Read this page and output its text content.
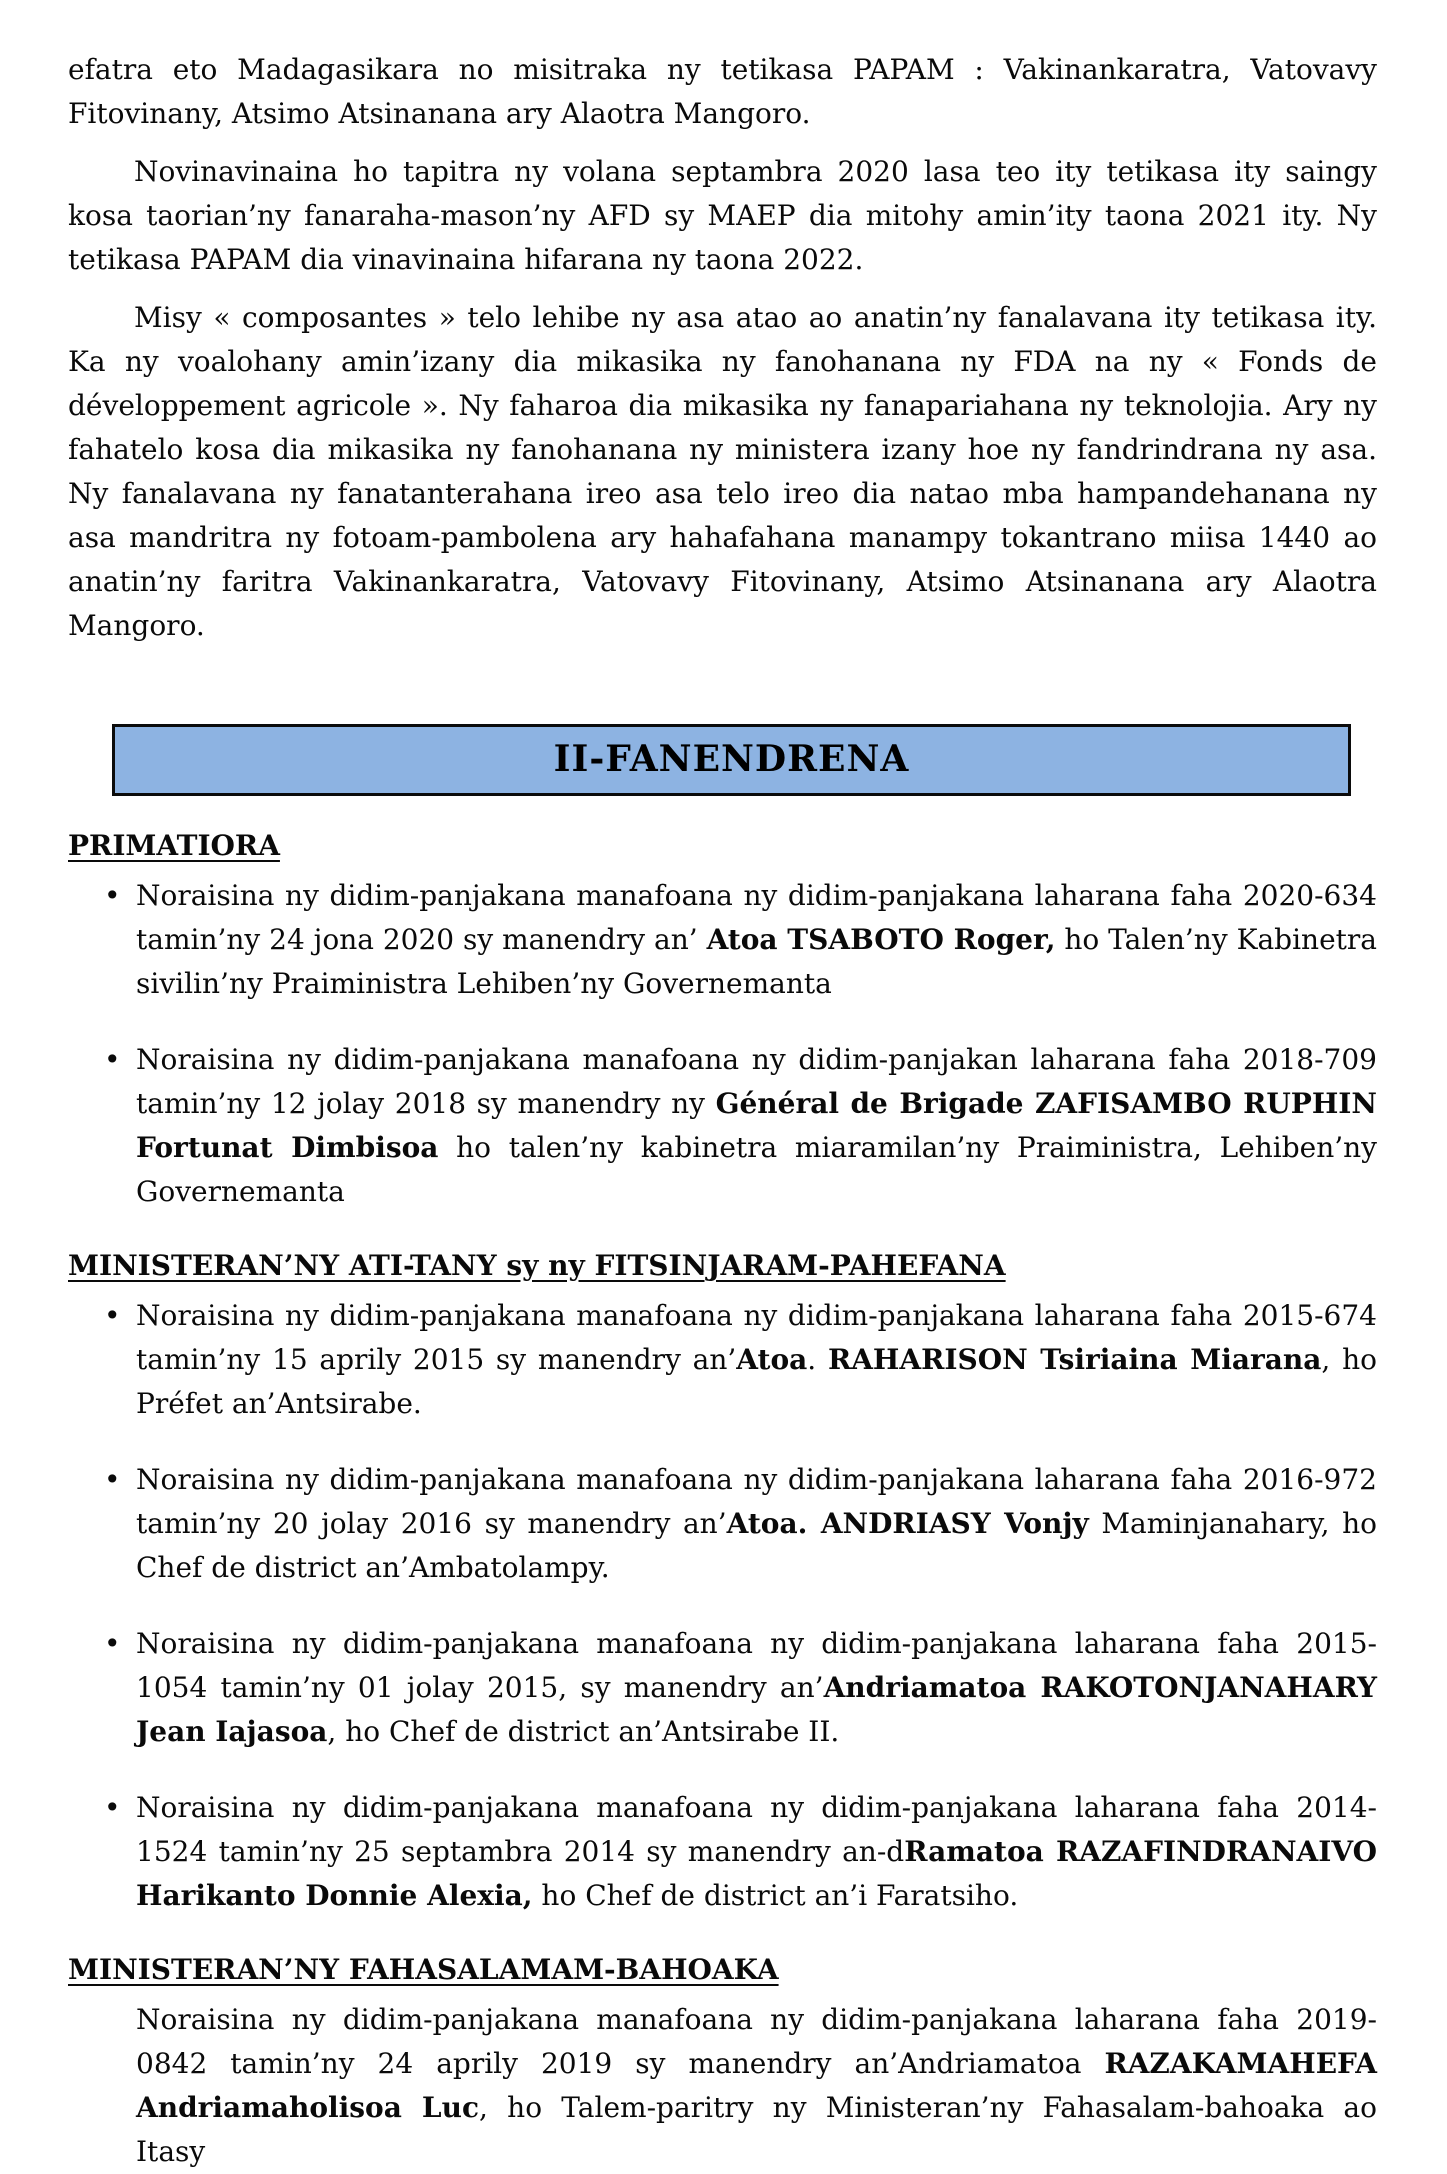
efatra eto Madagasikara no misitraka ny tetikasa PAPAM : Vakinankaratra, Vatovavy Fitovinany, Atsimo Atsinanana ary Alaotra Mangoro.

Novinavinaina ho tapitra ny volana septambra 2020 lasa teo ity tetikasa ity saingy kosa taorian’ny fanaraha-mason’ny AFD sy MAEP dia mitohy amin’ity taona 2021 ity. Ny tetikasa PAPAM dia vinavinaina hifarana ny taona 2022.

Misy « composantes » telo lehibe ny asa atao ao anatin’ny fanalavana ity tetikasa ity. Ka ny voalohany amin’izany dia mikasika ny fanohanana ny FDA na ny « Fonds de développement agricole ». Ny faharoa dia mikasika ny fanapariahana ny teknolojia. Ary ny fahatelo kosa dia mikasika ny fanohanana ny ministera izany hoe ny fandrindrana ny asa. Ny fanalavana ny fanatanterahana ireo asa telo ireo dia natao mba hampandehanana ny asa mandritra ny fotoam-pambolena ary hahafahana manampy tokantrano miisa 1440 ao anatin’ny faritra Vakinankaratra, Vatovavy Fitovinany, Atsimo Atsinanana ary Alaotra Mangoro.

II-FANENDRENA
PRIMATIORA
• Noraisina ny didim-panjakana manafoana ny didim-panjakana laharana faha 2020-634 tamin’ny 24 jona 2020 sy manendry an’ Atoa TSABOTO Roger, ho Talen’ny Kabinetra sivilin’ny Praiministra Lehiben’ny Governemanta
• Noraisina ny didim-panjakana manafoana ny didim-panjakan laharana faha 2018-709 tamin’ny 12 jolay 2018 sy manendry ny Général de Brigade ZAFISAMBO RUPHIN Fortunat Dimbisoa ho talen’ny kabinetra miaramilan’ny Praiministra, Lehiben’ny Governemanta
MINISTERAN’NY ATI-TANY sy ny FITSINJARAM-PAHEFANA
• Noraisina ny didim-panjakana manafoana ny didim-panjakana laharana faha 2015-674 tamin’ny 15 aprily 2015 sy manendry an’Atoa. RAHARISON Tsiriaina Miarana, ho Préfet an’Antsirabe.
• Noraisina ny didim-panjakana manafoana ny didim-panjakana laharana faha 2016-972 tamin’ny 20 jolay 2016 sy manendry an’Atoa. ANDRIASY Vonjy Maminjanahary, ho Chef de district an’Ambatolampy.
• Noraisina ny didim-panjakana manafoana ny didim-panjakana laharana faha 2015-1054 tamin’ny 01 jolay 2015, sy manendry an’Andriamatoa RAKOTONJANAHARY Jean Iajasoa, ho Chef de district an’Antsirabe II.
• Noraisina ny didim-panjakana manafoana ny didim-panjakana laharana faha 2014-1524 tamin’ny 25 septambra 2014 sy manendry an-dRamatoa RAZAFINDRANAIVO Harikanto Donnie Alexia, ho Chef de district an’i Faratsiho.
MINISTERAN’NY FAHASALAMAM-BAHOAKA

Noraisina ny didim-panjakana manafoana ny didim-panjakana laharana faha 2019-0842 tamin’ny 24 aprily 2019 sy manendry an’Andriamatoa RAZAKAMAHEFA Andriamaholisoa Luc, ho Talem-paritry ny Ministeran’ny Fahasalam-bahoaka ao Itasy
